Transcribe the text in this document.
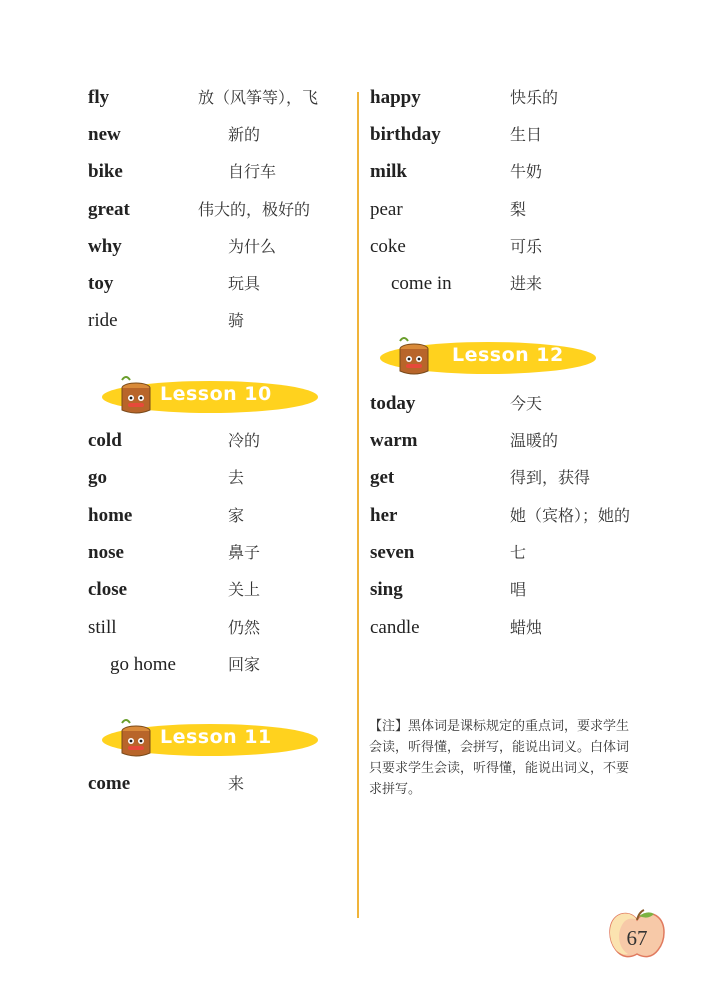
fly	放（风筝等），飞
new	新的
bike	自行车
great	伟大的，极好的
why	为什么
toy	玩具
ride	骑
Lesson 10
cold	冷的
go	去
home	家
nose	鼻子
close	关上
still	仍然
go home	回家
Lesson 11
come	来
happy	快乐的
birthday	生日
milk	牛奶
pear	梨
coke	可乐
come in	进来
Lesson 12
today	今天
warm	温暖的
get	得到，获得
her	她（宾格）；她的
seven	七
sing	唱
candle	蜡烛
【注】黑体词是课标规定的重点词，要求学生会读，听得懂，会拼写，能说出词义。白体词只要求学生会读，听得懂，能说出词义，不要求拼写。
67
